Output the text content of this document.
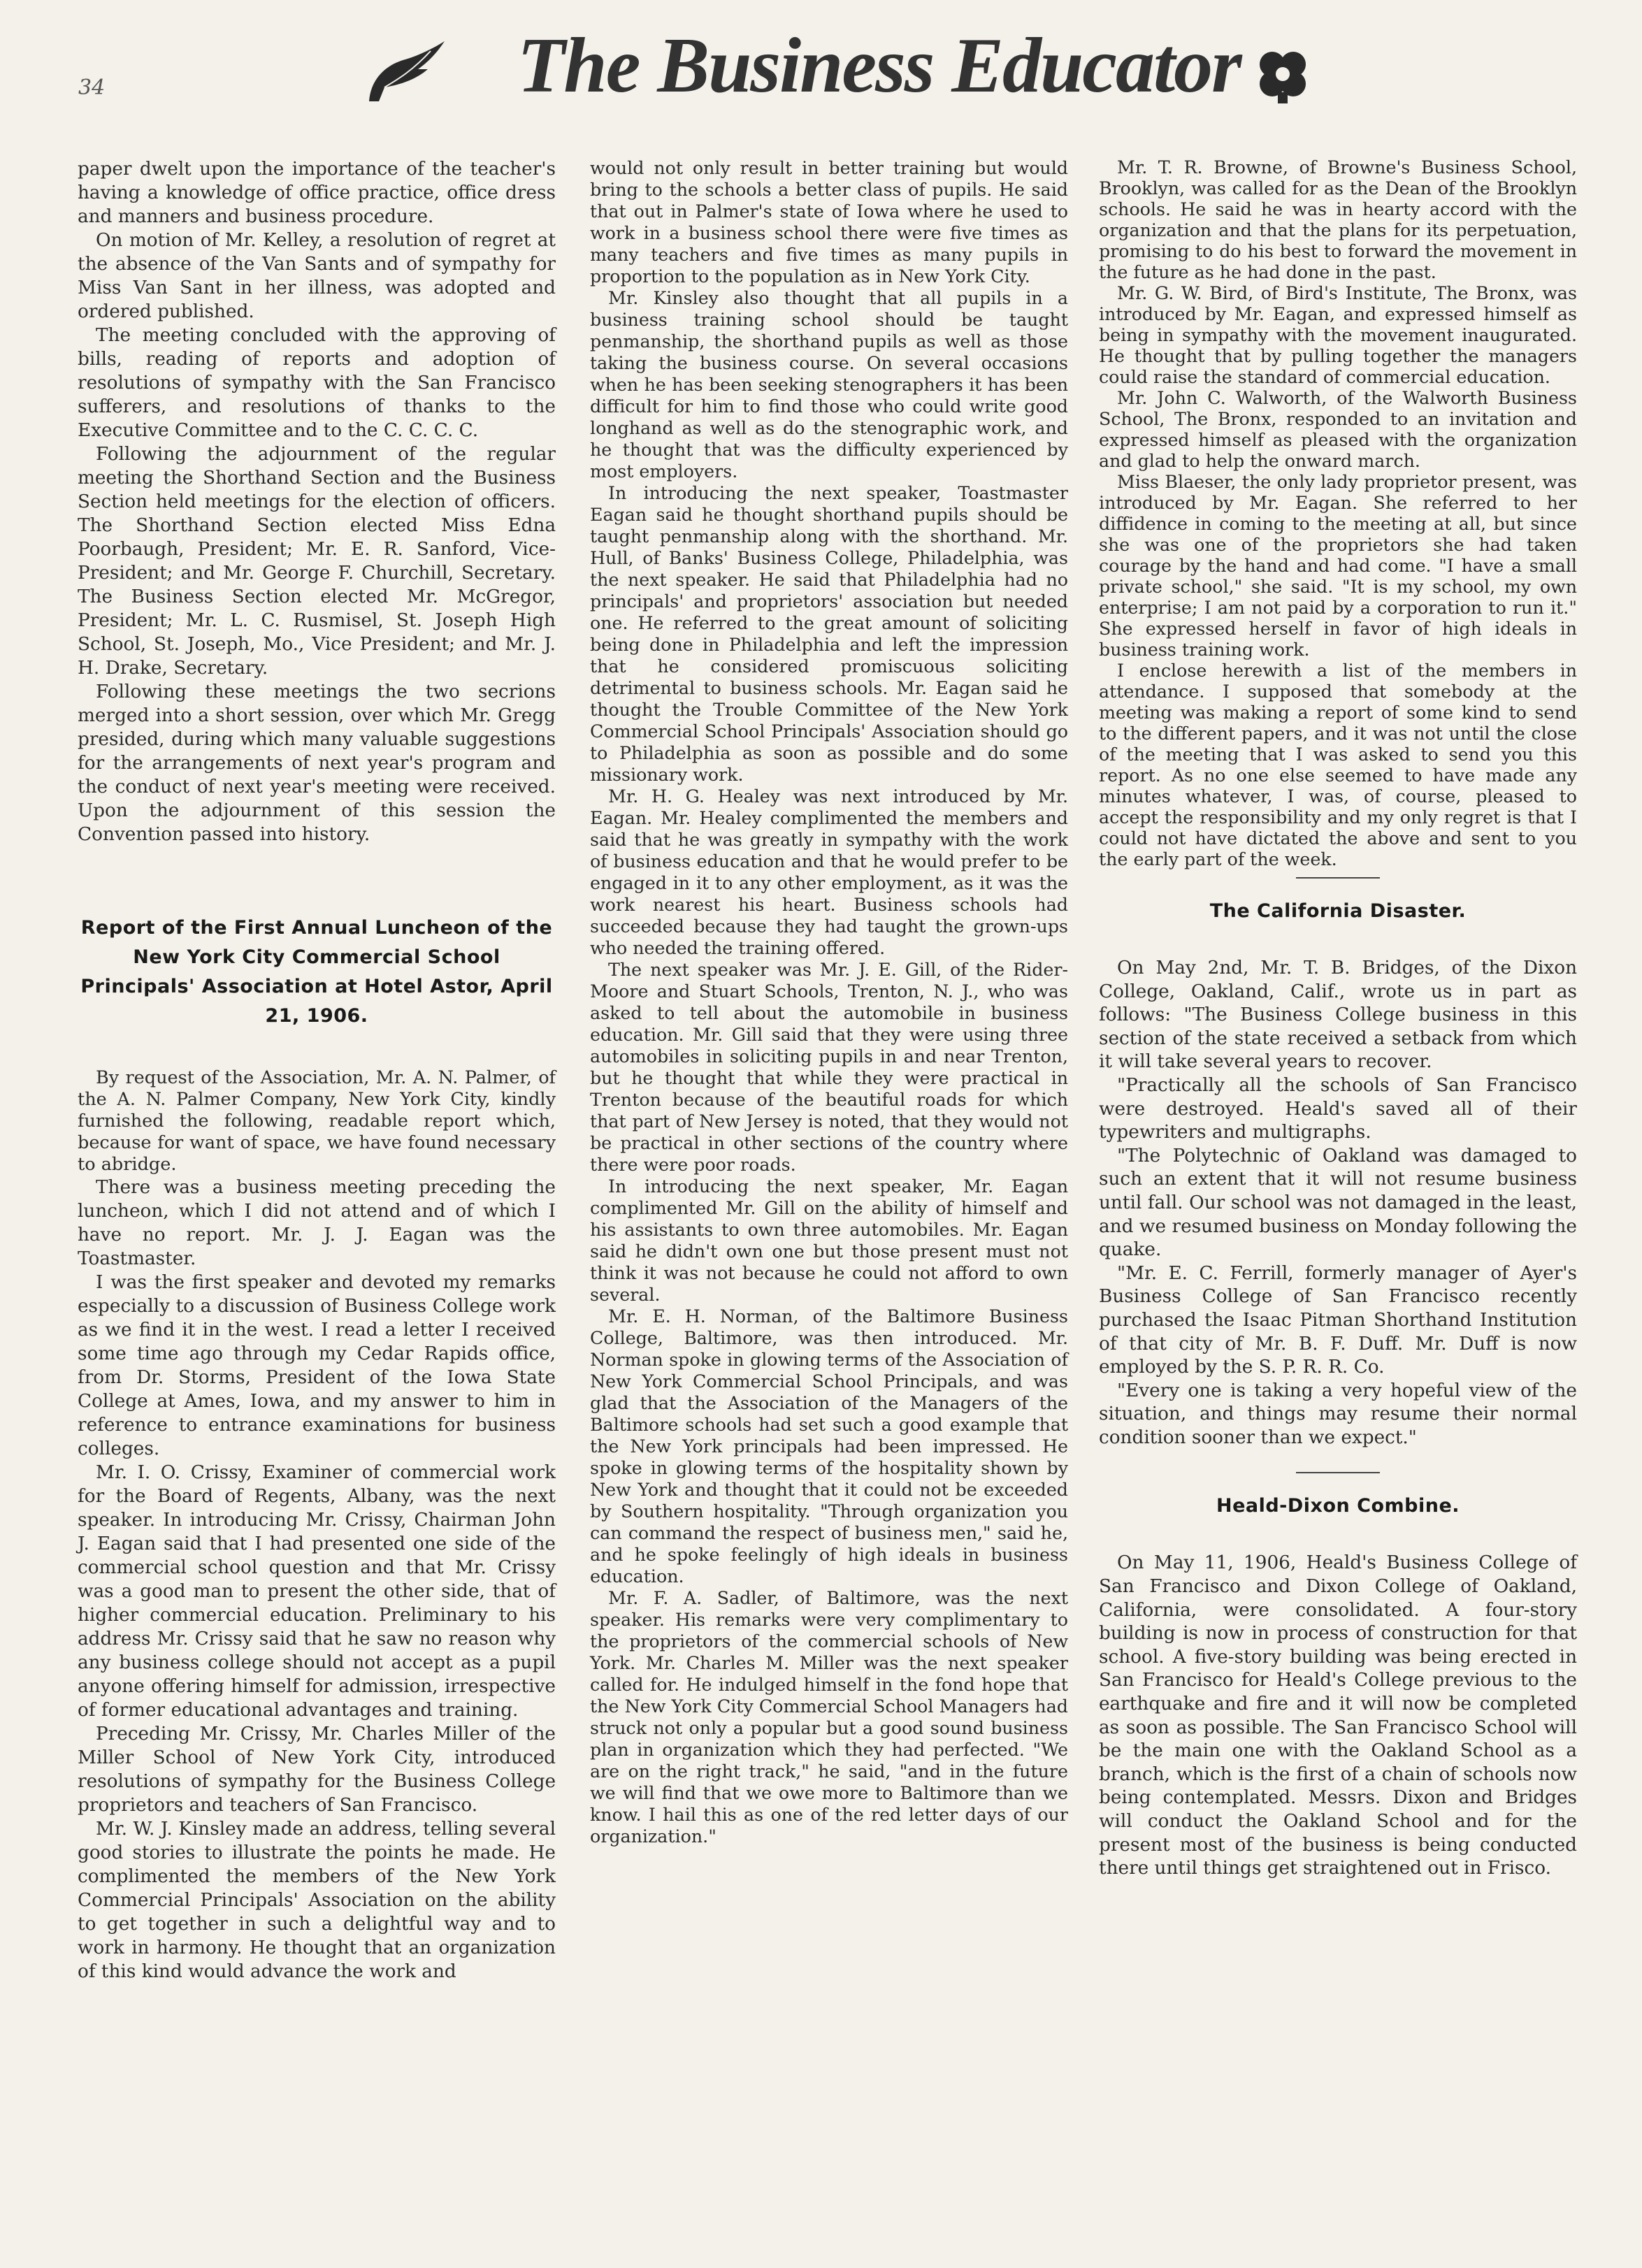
34	The Business Educator

paper dwelt upon the importance of the teacher's having a knowledge of office practice, office dress and manners and business procedure.

On motion of Mr. Kelley, a resolution of regret at the absence of the Van Sants and of sympathy for Miss Van Sant in her illness, was adopted and ordered published.

The meeting concluded with the approving of bills, reading of reports and adoption of resolutions of sympathy with the San Francisco sufferers, and resolutions of thanks to the Executive Committee and to the C. C. C. C.

Following the adjournment of the regular meeting the Shorthand Section and the Business Section held meetings for the election of officers. The Shorthand Section elected Miss Edna Poorbaugh, President; Mr. E. R. Sanford, Vice-President; and Mr. George F. Churchill, Secretary. The Business Section elected Mr. McGregor, President; Mr. L. C. Rusmisel, St. Joseph High School, St. Joseph, Mo., Vice President; and Mr. J. H. Drake, Secretary.

Following these meetings the two secrions merged into a short session, over which Mr. Gregg presided, during which many valuable suggestions for the arrangements of next year's program and the conduct of next year's meeting were received. Upon the adjournment of this session the Convention passed into history.

Report of the First Annual Luncheon of the New York City Commercial School Principals' Association at Hotel Astor, April 21, 1906.

By request of the Association, Mr. A. N. Palmer, of the A. N. Palmer Company, New York City, kindly furnished the following, readable report which, because for want of space, we have found necessary to abridge.

There was a business meeting preceding the luncheon, which I did not attend and of which I have no report. Mr. J. J. Eagan was the Toastmaster.

I was the first speaker and devoted my remarks especially to a discussion of Business College work as we find it in the west. I read a letter I received some time ago through my Cedar Rapids office, from Dr. Storms, President of the Iowa State College at Ames, Iowa, and my answer to him in reference to entrance examinations for business colleges.

Mr. I. O. Crissy, Examiner of commercial work for the Board of Regents, Albany, was the next speaker. In introducing Mr. Crissy, Chairman John J. Eagan said that I had presented one side of the commercial school question and that Mr. Crissy was a good man to present the other side, that of higher commercial education. Preliminary to his address Mr. Crissy said that he saw no reason why any business college should not accept as a pupil anyone offering himself for admission, irrespective of former educational advantages and training.

Preceding Mr. Crissy, Mr. Charles Miller of the Miller School of New York City, introduced resolutions of sympathy for the Business College proprietors and teachers of San Francisco.

Mr. W. J. Kinsley made an address, telling several good stories to illustrate the points he made. He complimented the members of the New York Commercial Principals' Association on the ability to get together in such a delightful way and to work in harmony. He thought that an organization of this kind would advance the work and

would not only result in better training but would bring to the schools a better class of pupils. He said that out in Palmer's state of Iowa where he used to work in a business school there were five times as many teachers and five times as many pupils in proportion to the population as in New York City.

Mr. Kinsley also thought that all pupils in a business training school should be taught penmanship, the shorthand pupils as well as those taking the business course. On several occasions when he has been seeking stenographers it has been difficult for him to find those who could write good longhand as well as do the stenographic work, and he thought that was the difficulty experienced by most employers.

In introducing the next speaker, Toastmaster Eagan said he thought shorthand pupils should be taught penmanship along with the shorthand. Mr. Hull, of Banks' Business College, Philadelphia, was the next speaker. He said that Philadelphia had no principals' and proprietors' association but needed one. He referred to the great amount of soliciting being done in Philadelphia and left the impression that he considered promiscuous soliciting detrimental to business schools. Mr. Eagan said he thought the Trouble Committee of the New York Commercial School Principals' Association should go to Philadelphia as soon as possible and do some missionary work.

Mr. H. G. Healey was next introduced by Mr. Eagan. Mr. Healey complimented the members and said that he was greatly in sympathy with the work of business education and that he would prefer to be engaged in it to any other employment, as it was the work nearest his heart. Business schools had succeeded because they had taught the grown-ups who needed the training offered.

The next speaker was Mr. J. E. Gill, of the Rider-Moore and Stuart Schools, Trenton, N. J., who was asked to tell about the automobile in business education. Mr. Gill said that they were using three automobiles in soliciting pupils in and near Trenton, but he thought that while they were practical in Trenton because of the beautiful roads for which that part of New Jersey is noted, that they would not be practical in other sections of the country where there were poor roads.

In introducing the next speaker, Mr. Eagan complimented Mr. Gill on the ability of himself and his assistants to own three automobiles. Mr. Eagan said he didn't own one but those present must not think it was not because he could not afford to own several.

Mr. E. H. Norman, of the Baltimore Business College, Baltimore, was then introduced. Mr. Norman spoke in glowing terms of the Association of New York Commercial School Principals, and was glad that the Association of the Managers of the Baltimore schools had set such a good example that the New York principals had been impressed. He spoke in glowing terms of the hospitality shown by New York and thought that it could not be exceeded by Southern hospitality. "Through organization you can command the respect of business men," said he, and he spoke feelingly of high ideals in business education.

Mr. F. A. Sadler, of Baltimore, was the next speaker. His remarks were very complimentary to the proprietors of the commercial schools of New York. Mr. Charles M. Miller was the next speaker called for. He indulged himself in the fond hope that the New York City Commercial School Managers had struck not only a popular but a good sound business plan in organization which they had perfected. "We are on the right track," he said, "and in the future we will find that we owe more to Baltimore than we know. I hail this as one of the red letter days of our organization."

Mr. T. R. Browne, of Browne's Business School, Brooklyn, was called for as the Dean of the Brooklyn schools. He said he was in hearty accord with the organization and that the plans for its perpetuation, promising to do his best to forward the movement in the future as he had done in the past.

Mr. G. W. Bird, of Bird's Institute, The Bronx, was introduced by Mr. Eagan, and expressed himself as being in sympathy with the movement inaugurated. He thought that by pulling together the managers could raise the standard of commercial education.

Mr. John C. Walworth, of the Walworth Business School, The Bronx, responded to an invitation and expressed himself as pleased with the organization and glad to help the onward march.

Miss Blaeser, the only lady proprietor present, was introduced by Mr. Eagan. She referred to her diffidence in coming to the meeting at all, but since she was one of the proprietors she had taken courage by the hand and had come. "I have a small private school," she said. "It is my school, my own enterprise; I am not paid by a corporation to run it." She expressed herself in favor of high ideals in business training work.

I enclose herewith a list of the members in attendance. I supposed that somebody at the meeting was making a report of some kind to send to the different papers, and it was not until the close of the meeting that I was asked to send you this report. As no one else seemed to have made any minutes whatever, I was, of course, pleased to accept the responsibility and my only regret is that I could not have dictated the above and sent to you the early part of the week.

The California Disaster.

On May 2nd, Mr. T. B. Bridges, of the Dixon College, Oakland, Calif., wrote us in part as follows: "The Business College business in this section of the state received a setback from which it will take several years to recover.

"Practically all the schools of San Francisco were destroyed. Heald's saved all of their typewriters and multigraphs.

"The Polytechnic of Oakland was damaged to such an extent that it will not resume business until fall. Our school was not damaged in the least, and we resumed business on Monday following the quake.

"Mr. E. C. Ferrill, formerly manager of Ayer's Business College of San Francisco recently purchased the Isaac Pitman Shorthand Institution of that city of Mr. B. F. Duff. Mr. Duff is now employed by the S. P. R. R. Co.

"Every one is taking a very hopeful view of the situation, and things may resume their normal condition sooner than we expect."

Heald-Dixon Combine.

On May 11, 1906, Heald's Business College of San Francisco and Dixon College of Oakland, California, were consolidated. A four-story building is now in process of construction for that school. A five-story building was being erected in San Francisco for Heald's College previous to the earthquake and fire and it will now be completed as soon as possible. The San Francisco School will be the main one with the Oakland School as a branch, which is the first of a chain of schools now being contemplated. Messrs. Dixon and Bridges will conduct the Oakland School and for the present most of the business is being conducted there until things get straightened out in Frisco.
